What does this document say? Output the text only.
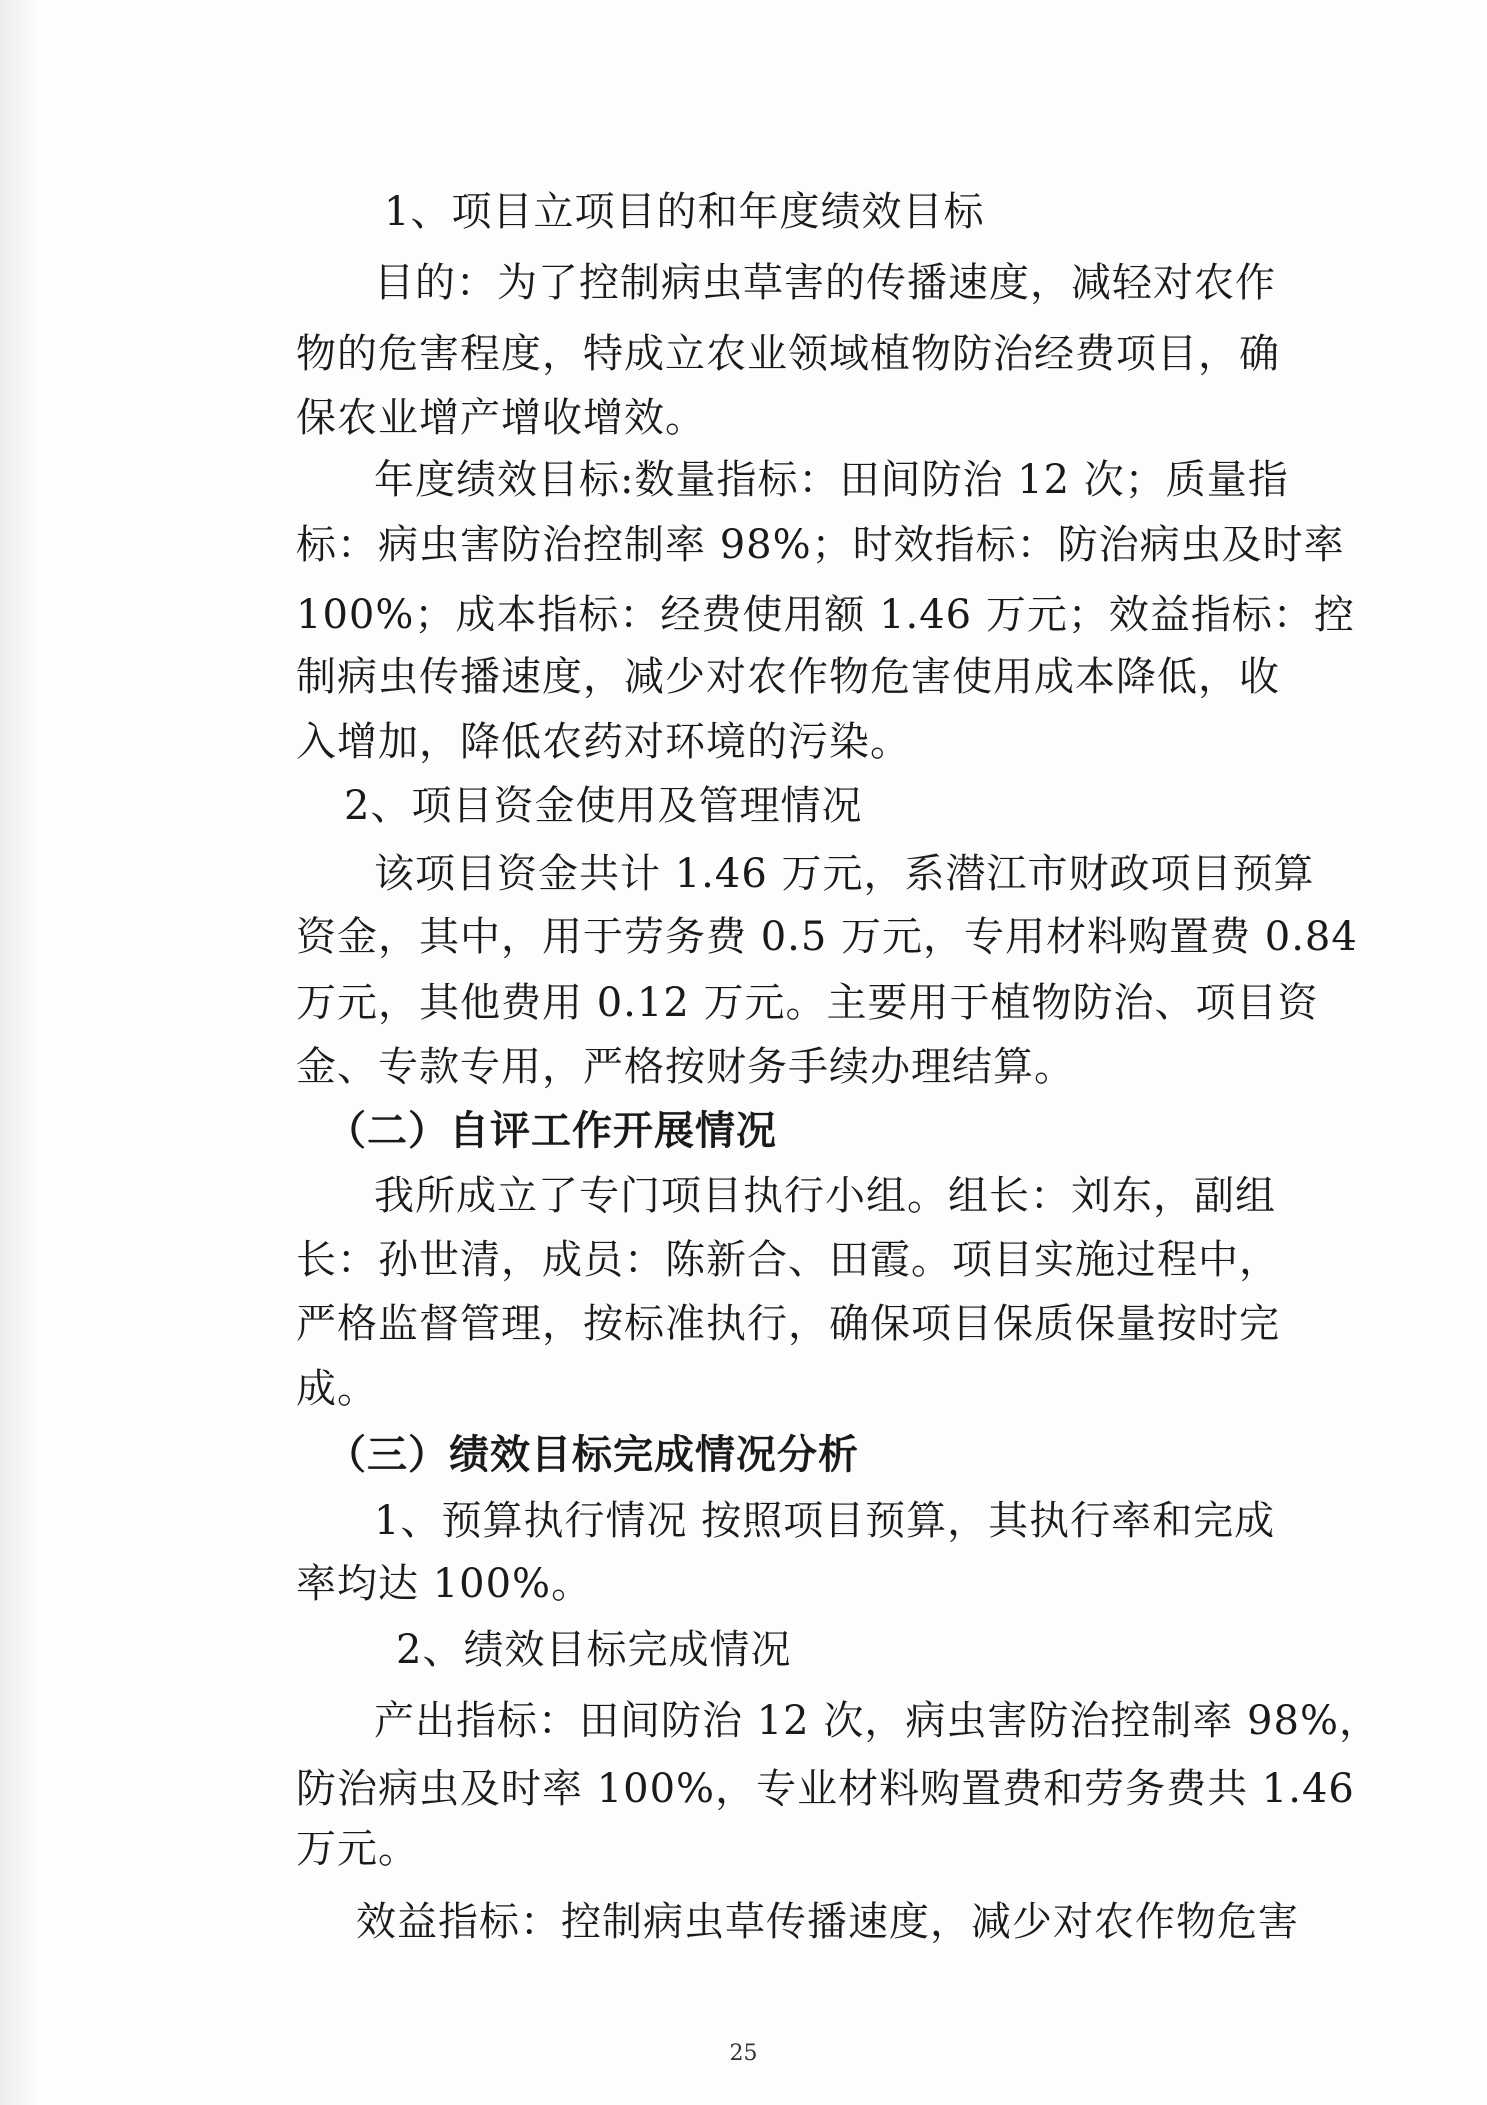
1、项目立项目的和年度绩效目标
目的：为了控制病虫草害的传播速度，减轻对农作
物的危害程度，特成立农业领域植物防治经费项目，确
保农业增产增收增效。
年度绩效目标:数量指标：田间防治 12 次；质量指
标：病虫害防治控制率 98%；时效指标：防治病虫及时率
100%；成本指标：经费使用额 1.46 万元；效益指标：控
制病虫传播速度，减少对农作物危害使用成本降低，收
入增加，降低农药对环境的污染。
2、项目资金使用及管理情况
该项目资金共计 1.46 万元，系潜江市财政项目预算
资金，其中，用于劳务费 0.5 万元，专用材料购置费 0.84
万元，其他费用 0.12 万元。主要用于植物防治、项目资
金、专款专用，严格按财务手续办理结算。
（二）自评工作开展情况
我所成立了专门项目执行小组。组长：刘东，副组
长：孙世清，成员：陈新合、田霞。项目实施过程中，
严格监督管理，按标准执行，确保项目保质保量按时完
成。
（三）绩效目标完成情况分析
1、预算执行情况 按照项目预算，其执行率和完成
率均达 100%。
2、绩效目标完成情况
产出指标：田间防治 12 次，病虫害防治控制率 98%，
防治病虫及时率 100%，专业材料购置费和劳务费共 1.46
万元。
效益指标：控制病虫草传播速度，减少对农作物危害
25
